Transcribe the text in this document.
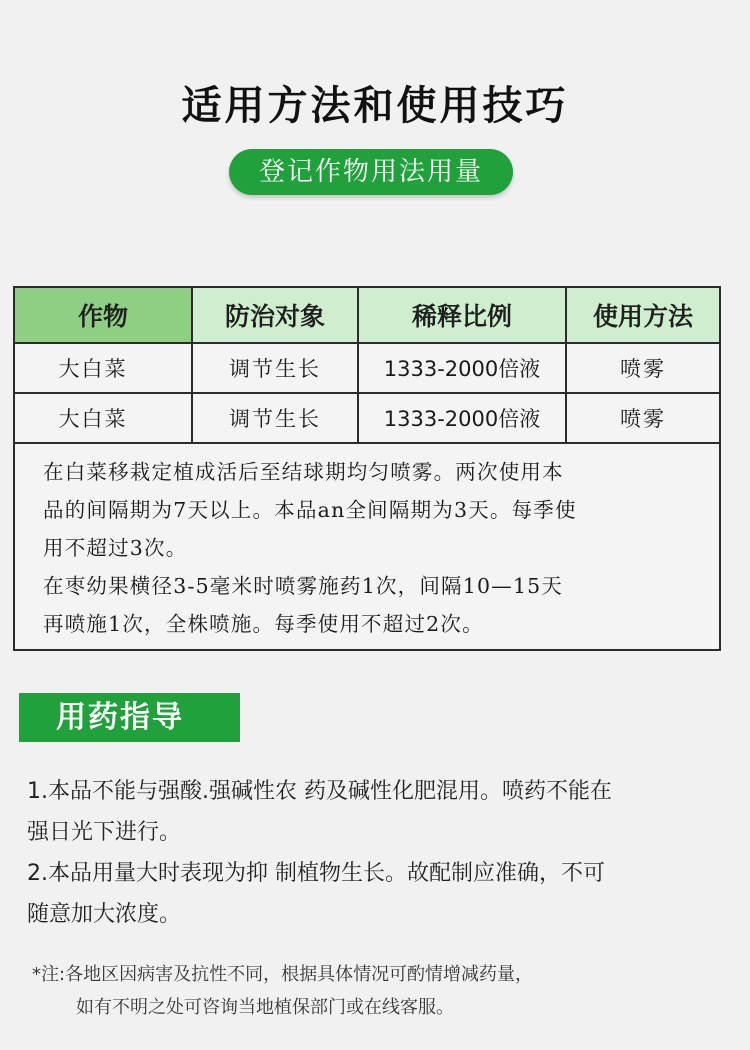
适用方法和使用技巧
登记作物用法用量
作物	防治对象	稀释比例	使用方法
大白菜	调节生长	1333-2000倍液	喷雾
大白菜	调节生长	1333-2000倍液	喷雾
在白菜移栽定植成活后至结球期均匀喷雾。两次使用本
品的间隔期为7天以上。本品an全间隔期为3天。每季使
用不超过3次。
在枣幼果横径3-5毫米时喷雾施药1次，间隔10—15天
再喷施1次，全株喷施。每季使用不超过2次。
用药指导
1.本品不能与强酸.强碱性农 药及碱性化肥混用。喷药不能在
强日光下进行。
2.本品用量大时表现为抑 制植物生长。故配制应准确，不可
随意加大浓度。
*注:各地区因病害及抗性不同，根据具体情况可酌情增减药量，
如有不明之处可咨询当地植保部门或在线客服。
